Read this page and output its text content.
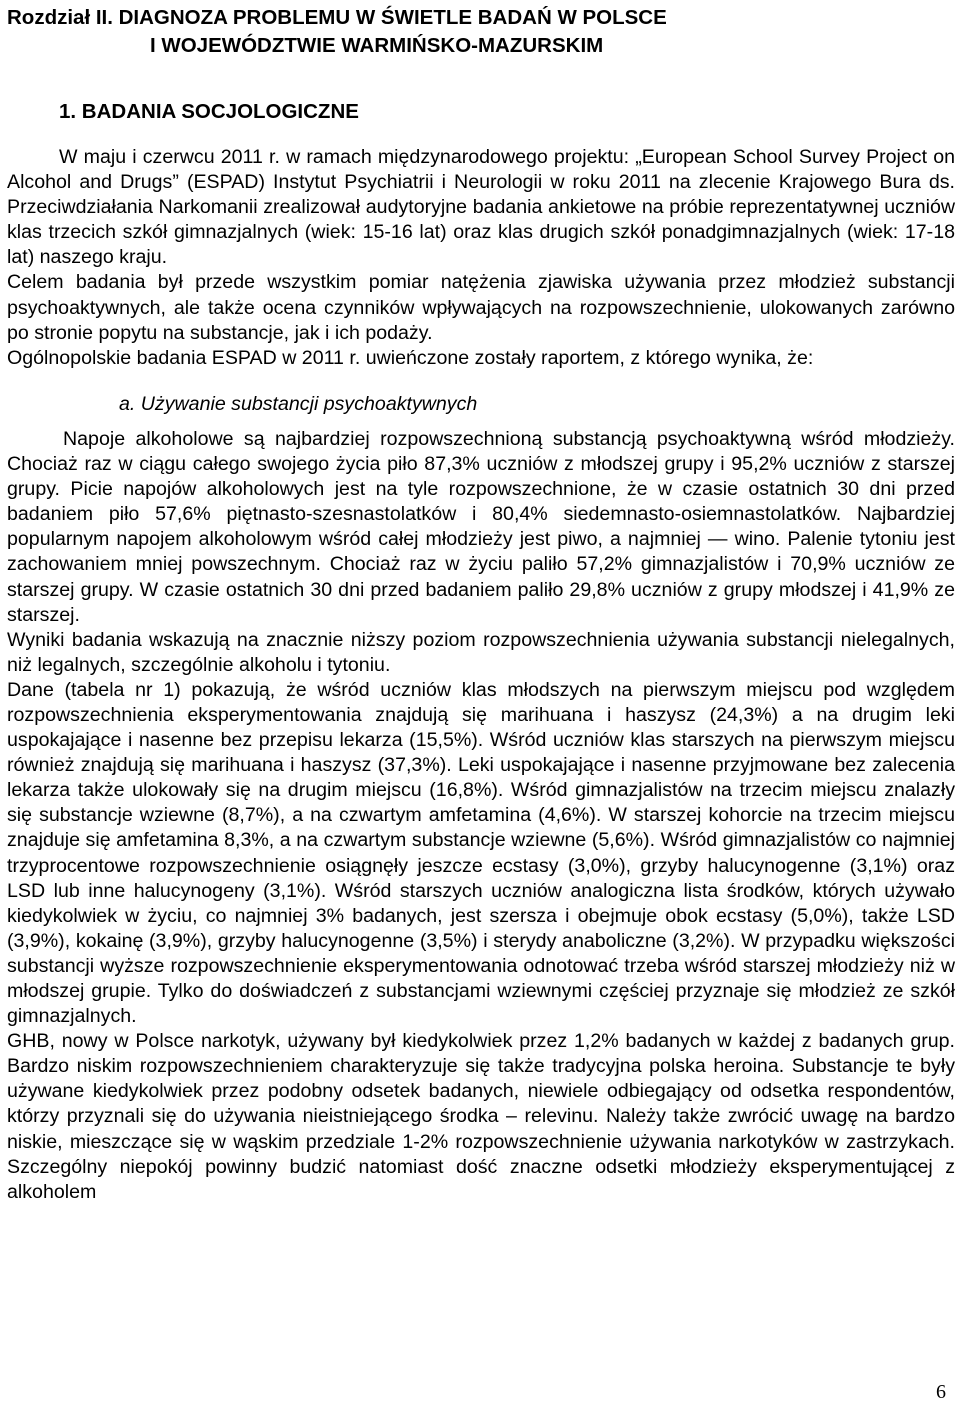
Rozdział II. DIAGNOZA PROBLEMU W ŚWIETLE BADAŃ W POLSCE
I WOJEWÓDZTWIE WARMIŃSKO-MAZURSKIM
1. BADANIA SOCJOLOGICZNE

W maju i czerwcu 2011 r. w ramach międzynarodowego projektu: „European School Survey Project on Alcohol and Drugs” (ESPAD) Instytut Psychiatrii i Neurologii w roku 2011 na zlecenie Krajowego Bura ds. Przeciwdziałania Narkomanii zrealizował audytoryjne badania ankietowe na próbie reprezentatywnej uczniów klas trzecich szkół gimnazjalnych (wiek: 15-16 lat) oraz klas drugich szkół ponadgimnazjalnych (wiek: 17-18 lat) naszego kraju.

Celem badania był przede wszystkim pomiar natężenia zjawiska używania przez młodzież substancji psychoaktywnych, ale także ocena czynników wpływających na rozpowszechnienie, ulokowanych zarówno po stronie popytu na substancje, jak i ich podaży.

Ogólnopolskie badania ESPAD w 2011 r. uwieńczone zostały raportem, z którego wynika, że:

a. Używanie substancji psychoaktywnych

Napoje alkoholowe są najbardziej rozpowszechnioną substancją psychoaktywną wśród młodzieży. Chociaż raz w ciągu całego swojego życia piło 87,3% uczniów z młodszej grupy i 95,2% uczniów z starszej grupy. Picie napojów alkoholowych jest na tyle rozpowszechnione, że w czasie ostatnich 30 dni przed badaniem piło 57,6% piętnasto-szesnastolatków i 80,4% siedemnasto-osiemnastolatków. Najbardziej popularnym napojem alkoholowym wśród całej młodzieży jest piwo, a najmniej — wino. Palenie tytoniu jest zachowaniem mniej powszechnym. Chociaż raz w życiu paliło 57,2% gimnazjalistów i 70,9% uczniów ze starszej grupy. W czasie ostatnich 30 dni przed badaniem paliło 29,8% uczniów z grupy młodszej i 41,9% ze starszej.

Wyniki badania wskazują na znacznie niższy poziom rozpowszechnienia używania substancji nielegalnych, niż legalnych, szczególnie alkoholu i tytoniu.

Dane (tabela nr 1) pokazują, że wśród uczniów klas młodszych na pierwszym miejscu pod względem rozpowszechnienia eksperymentowania znajdują się marihuana i haszysz (24,3%) a na drugim leki uspokajające i nasenne bez przepisu lekarza (15,5%). Wśród uczniów klas starszych na pierwszym miejscu również znajdują się marihuana i haszysz (37,3%). Leki uspokajające i nasenne przyjmowane bez zalecenia lekarza także ulokowały się na drugim miejscu (16,8%). Wśród gimnazjalistów na trzecim miejscu znalazły się substancje wziewne (8,7%), a na czwartym amfetamina (4,6%). W starszej kohorcie na trzecim miejscu znajduje się amfetamina 8,3%, a na czwartym substancje wziewne (5,6%). Wśród gimnazjalistów co najmniej trzyprocentowe rozpowszechnienie osiągnęły jeszcze ecstasy (3,0%), grzyby halucynogenne (3,1%) oraz LSD lub inne halucynogeny (3,1%). Wśród starszych uczniów analogiczna lista środków, których używało kiedykolwiek w życiu, co najmniej 3% badanych, jest szersza i obejmuje obok ecstasy (5,0%), także LSD (3,9%), kokainę (3,9%), grzyby halucynogenne (3,5%) i sterydy anaboliczne (3,2%). W przypadku większości substancji wyższe rozpowszechnienie eksperymentowania odnotować trzeba wśród starszej młodzieży niż w młodszej grupie. Tylko do doświadczeń z substancjami wziewnymi częściej przyznaje się młodzież ze szkół gimnazjalnych.

GHB, nowy w Polsce narkotyk, używany był kiedykolwiek przez 1,2% badanych w każdej z badanych grup. Bardzo niskim rozpowszechnieniem charakteryzuje się także tradycyjna polska heroina. Substancje te były używane kiedykolwiek przez podobny odsetek badanych, niewiele odbiegający od odsetka respondentów, którzy przyznali się do używania nieistniejącego środka – relevinu. Należy także zwrócić uwagę na bardzo niskie, mieszczące się w wąskim przedziale 1-2% rozpowszechnienie używania narkotyków w zastrzykach. Szczególny niepokój powinny budzić natomiast dość znaczne odsetki młodzieży eksperymentującej z alkoholem

6
